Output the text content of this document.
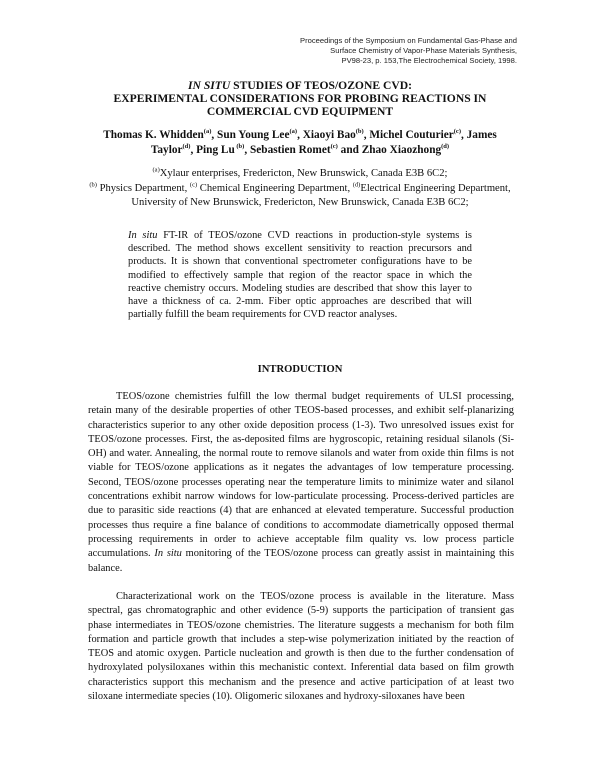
Proceedings of the Symposium on Fundamental Gas-Phase and
Surface Chemistry of Vapor-Phase Materials Synthesis,
PV98-23, p. 153,The Electrochemical Society, 1998.
IN SITU STUDIES OF TEOS/OZONE CVD:
EXPERIMENTAL CONSIDERATIONS FOR PROBING REACTIONS IN
COMMERCIAL CVD EQUIPMENT
Thomas K. Whidden$^{(a)}$, Sun Young Lee$^{(a)}$, Xiaoyi Bao$^{(b)}$, Michel Couturier$^{(c)}$, James Taylor$^{(d)}$, Ping Lu $^{(b)}$, Sebastien Romet$^{(c)}$ and Zhao Xiaozhong$^{(d)}$
$^{(a)}$Xylaur enterprises, Fredericton, New Brunswick, Canada E3B 6C2;
$^{(b)}$ Physics Department, $^{(c)}$ Chemical Engineering Department, $^{(d)}$Electrical Engineering Department, University of New Brunswick, Fredericton, New Brunswick, Canada E3B 6C2;
In situ FT-IR of TEOS/ozone CVD reactions in production-style systems is described. The method shows excellent sensitivity to reaction precursors and products. It is shown that conventional spectrometer configurations have to be modified to effectively sample that region of the reactor space in which the reactive chemistry occurs. Modeling studies are described that show this layer to have a thickness of ca. 2-mm. Fiber optic approaches are described that will partially fulfill the beam requirements for CVD reactor analyses.
INTRODUCTION
TEOS/ozone chemistries fulfill the low thermal budget requirements of ULSI processing, retain many of the desirable properties of other TEOS-based processes, and exhibit self-planarizing characteristics superior to any other oxide deposition process (1-3). Two unresolved issues exist for TEOS/ozone processes. First, the as-deposited films are hygroscopic, retaining residual silanols (Si-OH) and water. Annealing, the normal route to remove silanols and water from oxide thin films is not viable for TEOS/ozone applications as it negates the advantages of low temperature processing. Second, TEOS/ozone processes operating near the temperature limits to minimize water and silanol concentrations exhibit narrow windows for low-particulate processing. Process-derived particles are due to parasitic side reactions (4) that are enhanced at elevated temperature. Successful production processes thus require a fine balance of conditions to accommodate diametrically opposed thermal processing requirements in order to achieve acceptable film quality vs. low process particle accumulations. In situ monitoring of the TEOS/ozone process can greatly assist in maintaining this balance.
Characterizational work on the TEOS/ozone process is available in the literature. Mass spectral, gas chromatographic and other evidence (5-9) supports the participation of transient gas phase intermediates in TEOS/ozone chemistries. The literature suggests a mechanism for both film formation and particle growth that includes a step-wise polymerization initiated by the reaction of TEOS and atomic oxygen. Particle nucleation and growth is then due to the further condensation of hydroxylated polysiloxanes within this mechanistic context. Inferential data based on film growth characteristics support this mechanism and the presence and active participation of at least two siloxane intermediate species (10). Oligomeric siloxanes and hydroxy-siloxanes have been
